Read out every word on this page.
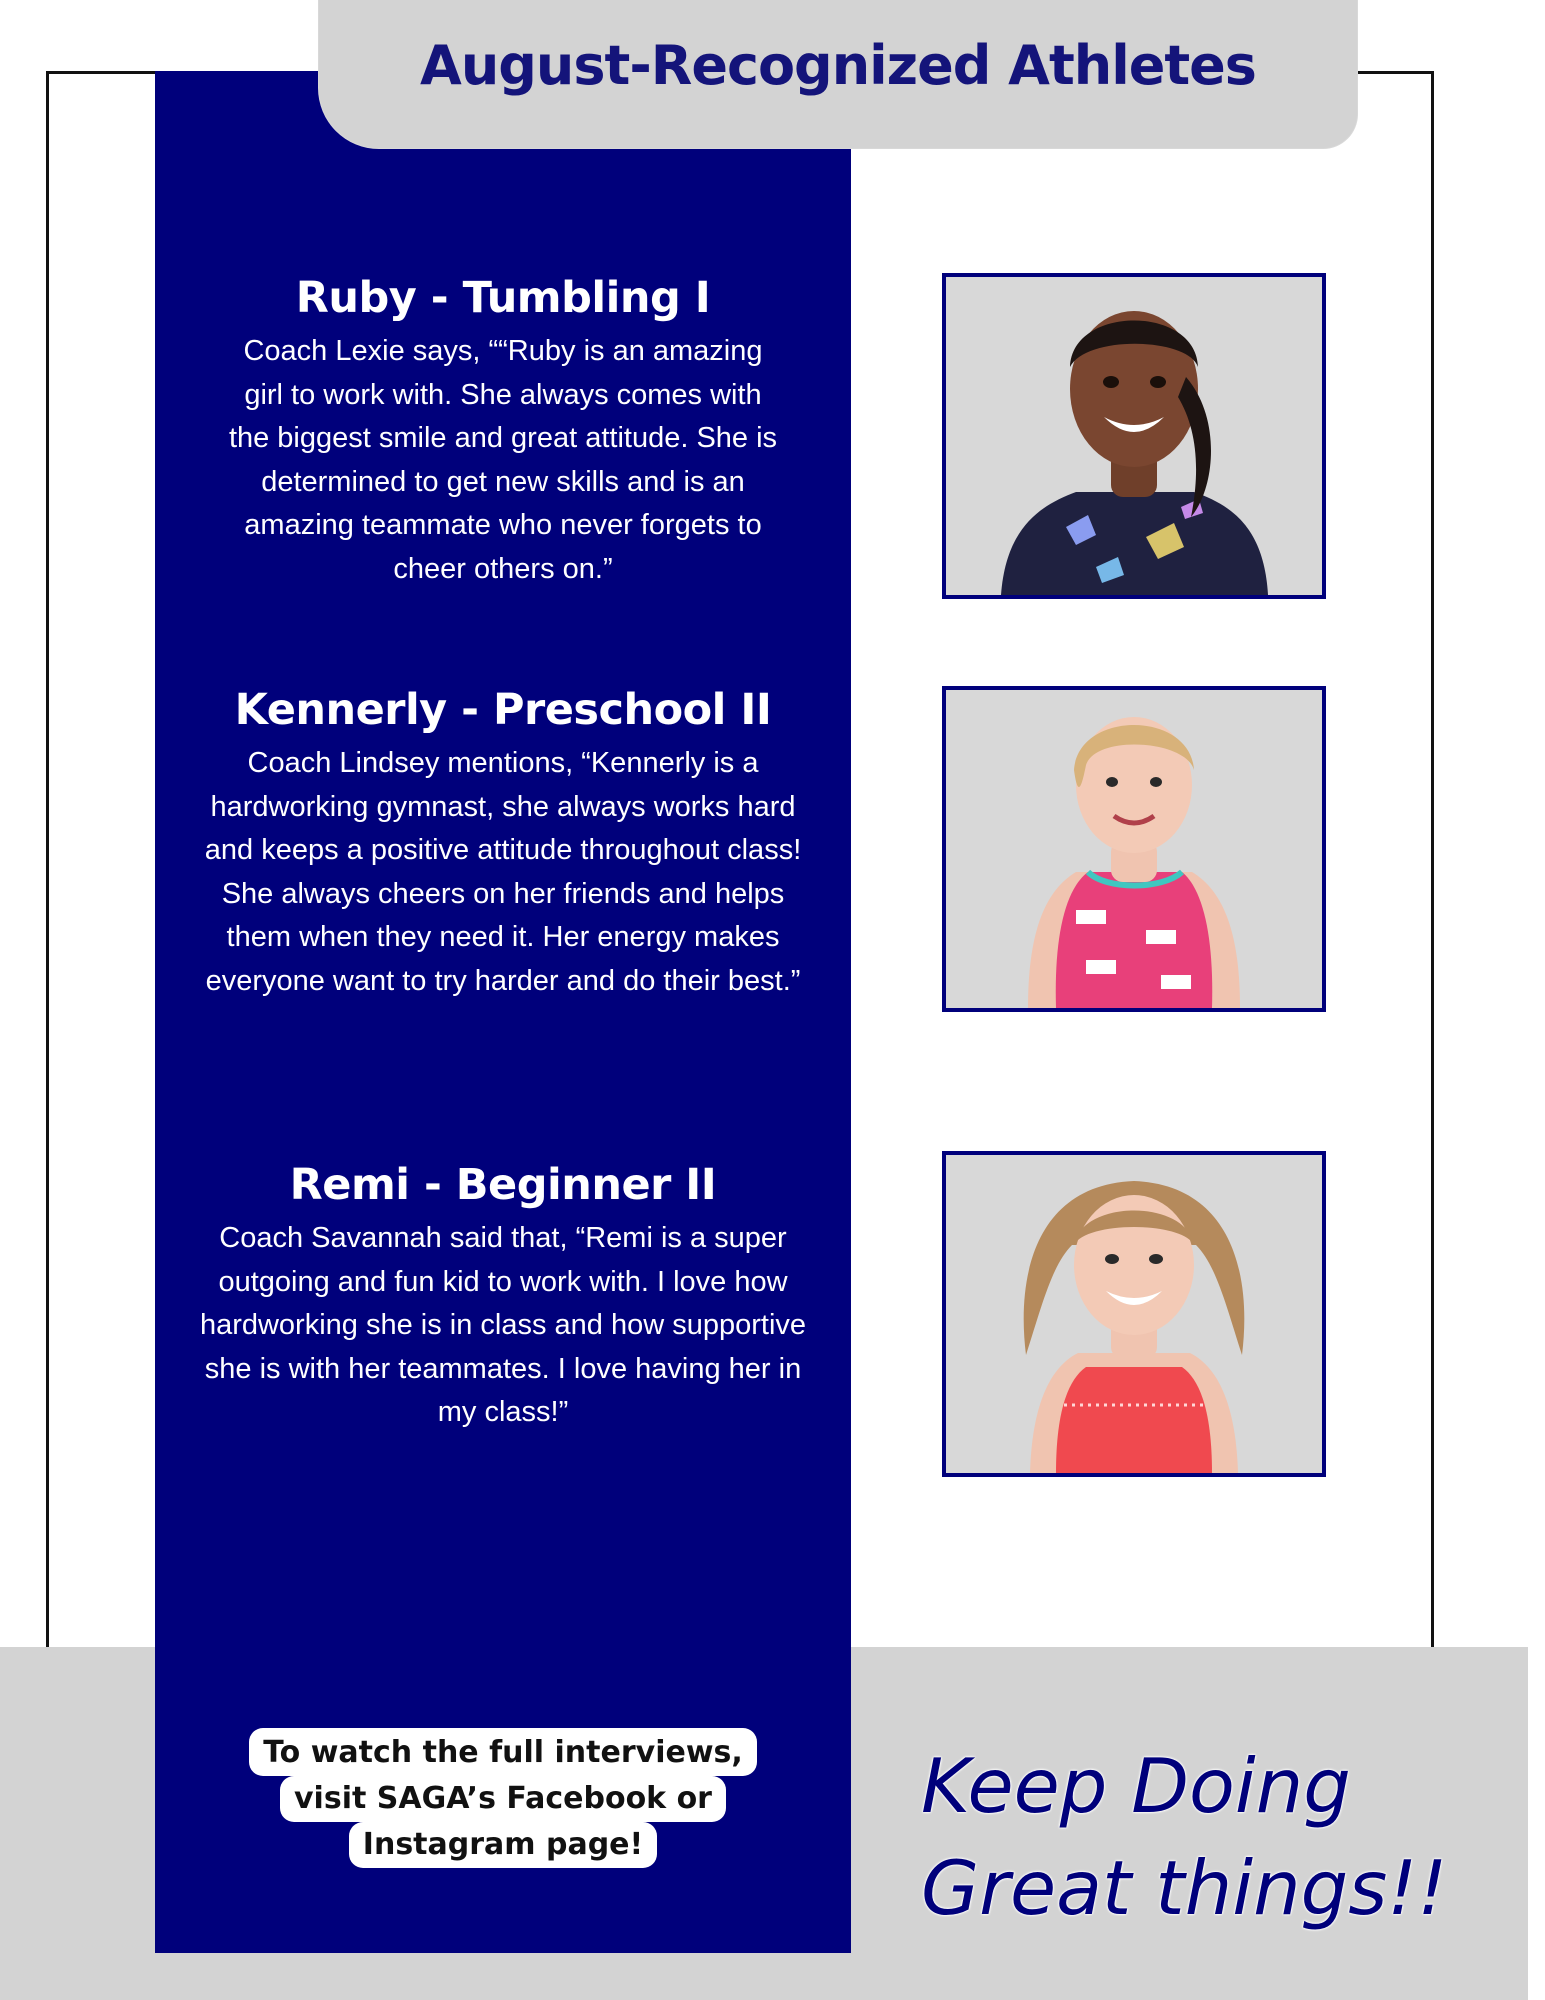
August-Recognized Athletes
Ruby - Tumbling I

Coach Lexie says, ““Ruby is an amazing girl to work with. She always comes with the biggest smile and great attitude. She is determined to get new skills and is an amazing teammate who never forgets to cheer others on.”

Kennerly - Preschool II

Coach Lindsey mentions, “Kennerly is a hardworking gymnast, she always works hard and keeps a positive attitude throughout class! She always cheers on her friends and helps them when they need it. Her energy makes everyone want to try harder and do their best.”

Remi - Beginner II

Coach Savannah said that, “Remi is a super outgoing and fun kid to work with. I love how hardworking she is in class and how supportive she is with her teammates. I love having her in my class!”

To watch the full interviews,
visit SAGA’s Facebook or
Instagram page!
Keep Doing
Great things!!
